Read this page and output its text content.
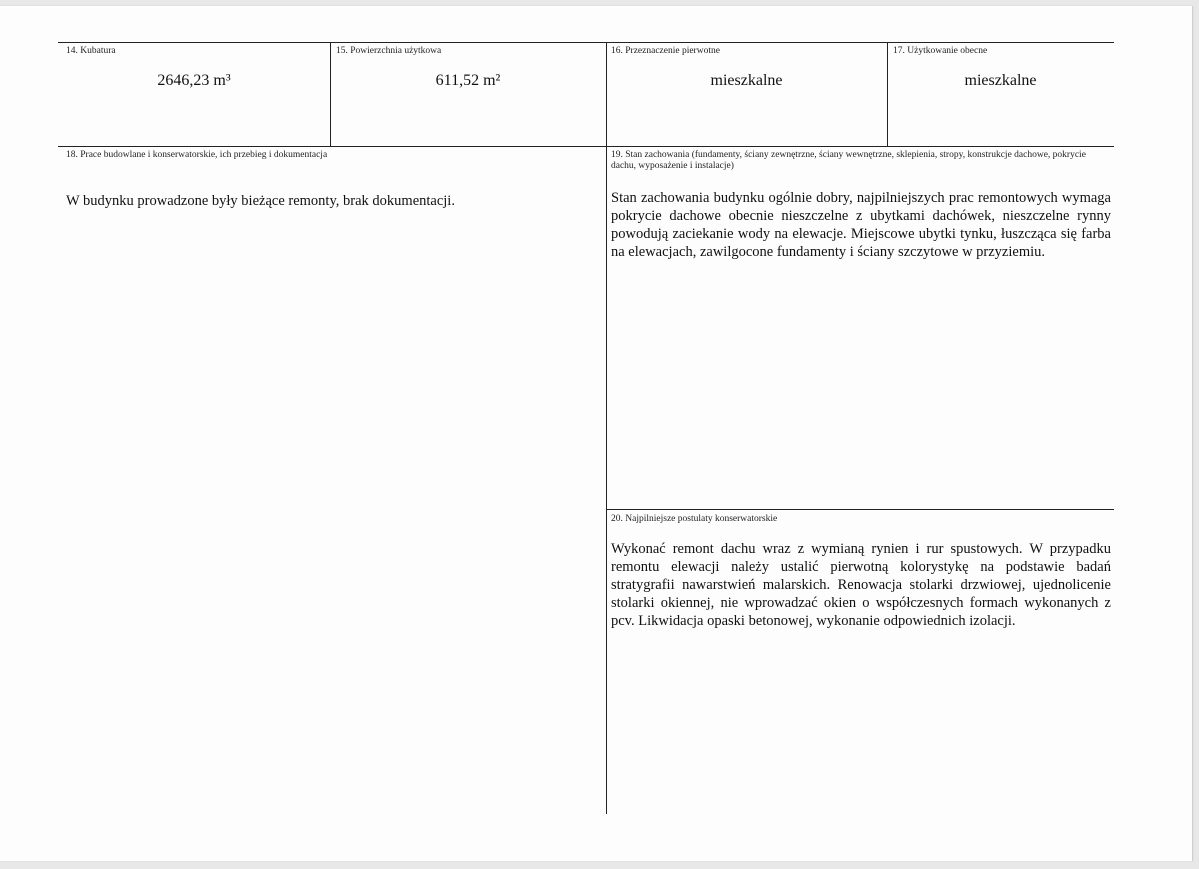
14. Kubatura
2646,23 m³
15. Powierzchnia użytkowa
611,52 m²
16. Przeznaczenie pierwotne
mieszkalne
17. Użytkowanie obecne
mieszkalne
18. Prace budowlane i konserwatorskie, ich przebieg i dokumentacja
W budynku prowadzone były bieżące remonty, brak dokumentacji.
19. Stan zachowania (fundamenty, ściany zewnętrzne, ściany wewnętrzne, sklepienia, stropy, konstrukcje dachowe, pokrycie dachu, wyposażenie i instalacje)
Stan zachowania budynku ogólnie dobry, najpilniejszych prac remontowych wymaga pokrycie dachowe obecnie nieszczelne z ubytkami dachówek, nieszczelne rynny powodują zaciekanie wody na elewacje. Miejscowe ubytki tynku, łuszcząca się farba na elewacjach, zawilgocone fundamenty i ściany szczytowe w przyziemiu.
20. Najpilniejsze postulaty konserwatorskie
Wykonać remont dachu wraz z wymianą rynien i rur spustowych. W przypadku remontu elewacji należy ustalić pierwotną kolorystykę na podstawie badań stratygrafii nawarstwień malarskich. Renowacja stolarki drzwiowej, ujednolicenie stolarki okiennej, nie wprowadzać okien o współczesnych formach wykonanych z pcv. Likwidacja opaski betonowej, wykonanie odpowiednich izolacji.
